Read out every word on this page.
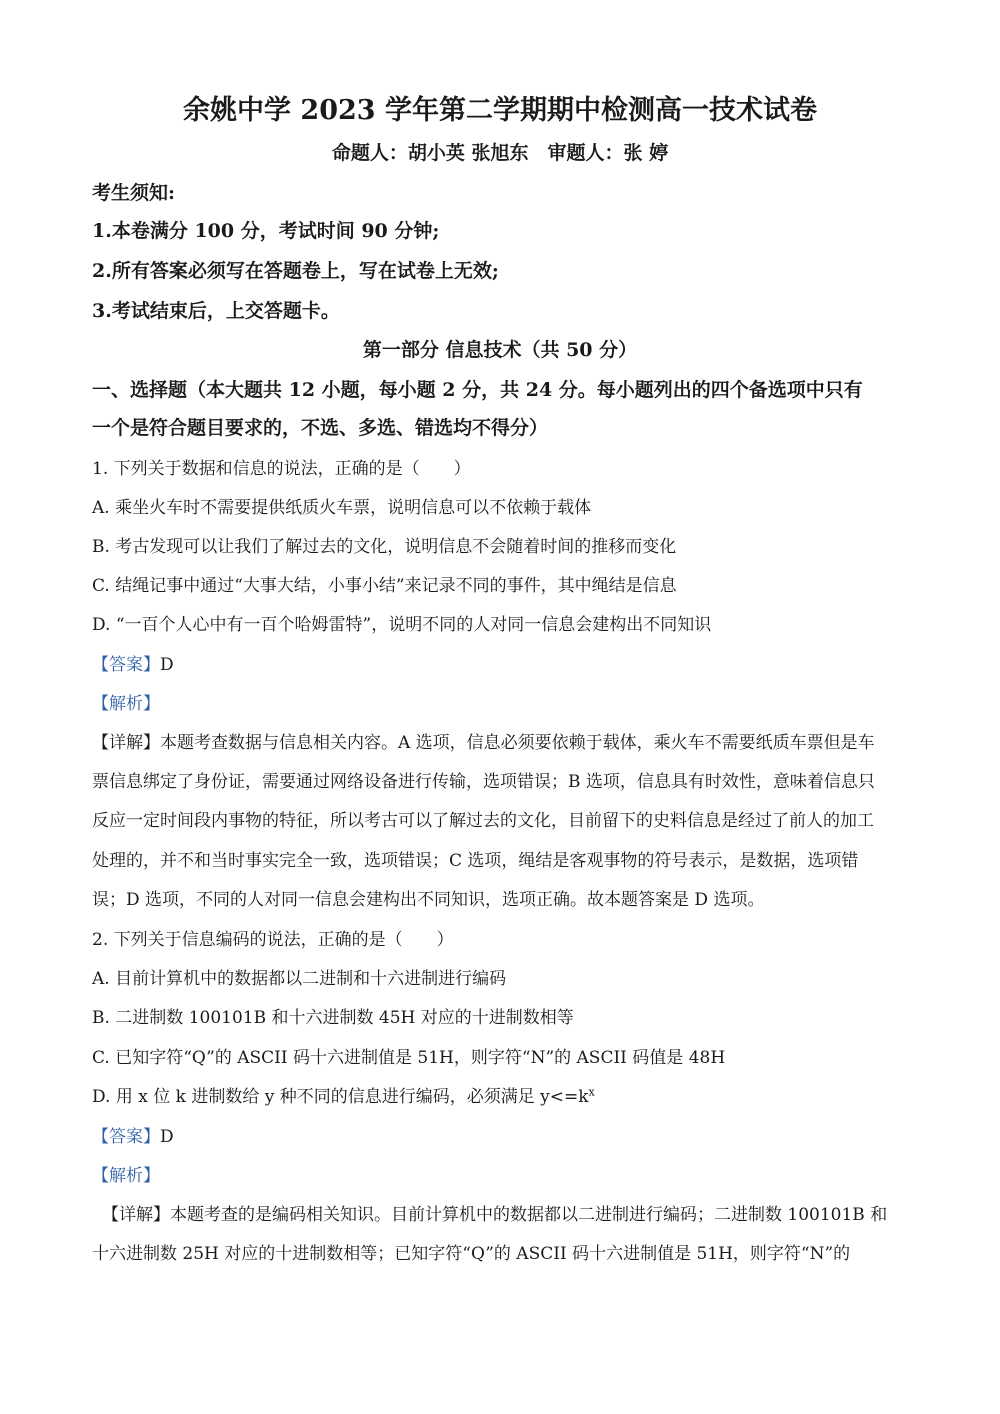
余姚中学 2023 学年第二学期期中检测高一技术试卷
命题人：胡小英 张旭东　审题人：张 婷
考生须知:
1.本卷满分 100 分，考试时间 90 分钟;
2.所有答案必须写在答题卷上，写在试卷上无效;
3.考试结束后，上交答题卡。
第一部分 信息技术（共 50 分）
一、选择题（本大题共 12 小题，每小题 2 分，共 24 分。每小题列出的四个备选项中只有
一个是符合题目要求的，不选、多选、错选均不得分）
1. 下列关于数据和信息的说法，正确的是（　　）
A. 乘坐火车时不需要提供纸质火车票，说明信息可以不依赖于载体
B. 考古发现可以让我们了解过去的文化，说明信息不会随着时间的推移而变化
C. 结绳记事中通过“大事大结，小事小结”来记录不同的事件，其中绳结是信息
D. “一百个人心中有一百个哈姆雷特”，说明不同的人对同一信息会建构出不同知识
【答案】D
【解析】
【详解】本题考查数据与信息相关内容。A 选项，信息必须要依赖于载体，乘火车不需要纸质车票但是车
票信息绑定了身份证，需要通过网络设备进行传输，选项错误；B 选项，信息具有时效性，意味着信息只
反应一定时间段内事物的特征，所以考古可以了解过去的文化，目前留下的史料信息是经过了前人的加工
处理的，并不和当时事实完全一致，选项错误；C 选项，绳结是客观事物的符号表示，是数据，选项错
误；D 选项，不同的人对同一信息会建构出不同知识，选项正确。故本题答案是 D 选项。
2. 下列关于信息编码的说法，正确的是（　　）
A. 目前计算机中的数据都以二进制和十六进制进行编码
B. 二进制数 100101B 和十六进制数 45H 对应的十进制数相等
C. 已知字符“Q”的 ASCII 码十六进制值是 51H，则字符“N”的 ASCII 码值是 48H
D. 用 x 位 k 进制数给 y 种不同的信息进行编码，必须满足 $y<=k^x$
【答案】D
【解析】
【详解】本题考查的是编码相关知识。目前计算机中的数据都以二进制进行编码；二进制数 100101B 和
十六进制数 25H 对应的十进制数相等；已知字符“Q”的 ASCII 码十六进制值是 51H，则字符“N”的
